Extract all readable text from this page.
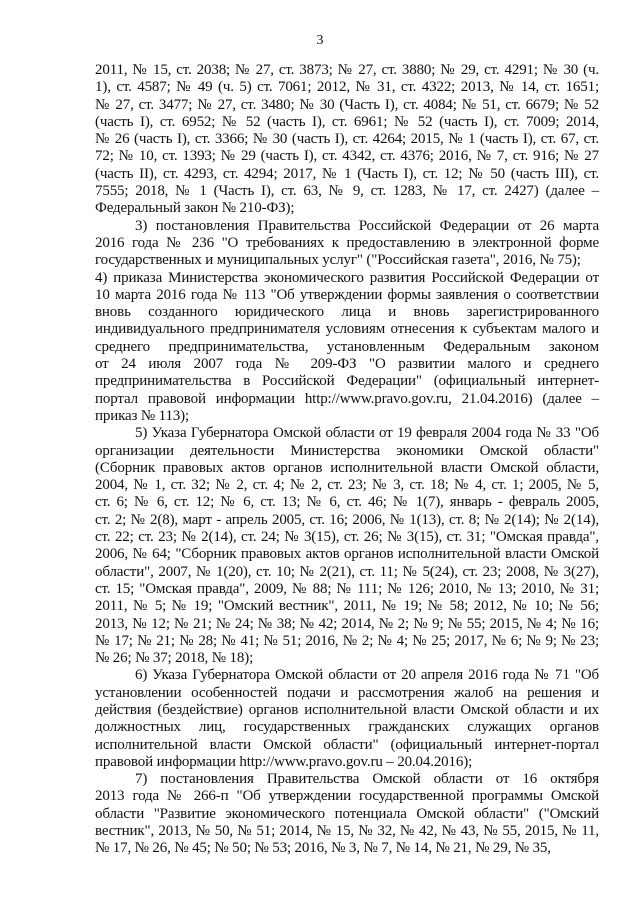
3
2011, № 15, ст. 2038; № 27, ст. 3873; № 27, ст. 3880; № 29, ст. 4291; № 30 (ч.
1), ст. 4587; № 49 (ч. 5) ст. 7061; 2012, № 31, ст. 4322; 2013, № 14, ст. 1651;
№ 27, ст. 3477; № 27, ст. 3480; № 30 (Часть I), ст. 4084; № 51, ст. 6679; № 52
(часть I), ст. 6952; № 52 (часть I), ст. 6961; № 52 (часть I), ст. 7009; 2014,
№ 26 (часть I), ст. 3366; № 30 (часть I), ст. 4264; 2015, № 1 (часть I), ст. 67, ст.
72; № 10, ст. 1393; № 29 (часть I), ст. 4342, ст. 4376; 2016, № 7, ст. 916; № 27
(часть II), ст. 4293, ст. 4294; 2017, № 1 (Часть I), ст. 12; № 50 (часть III), ст.
7555; 2018, № 1 (Часть I), ст. 63, № 9, ст. 1283, № 17, ст. 2427) (далее –
Федеральный закон № 210-ФЗ);
3) постановления Правительства Российской Федерации от 26 марта
2016 года № 236 "О требованиях к предоставлению в электронной форме
государственных и муниципальных услуг" ("Российская газета", 2016, № 75);
4) приказа Министерства экономического развития Российской Федерации от
10 марта 2016 года № 113 "Об утверждении формы заявления о соответствии
вновь созданного юридического лица и вновь зарегистрированного
индивидуального предпринимателя условиям отнесения к субъектам малого и
среднего предпринимательства, установленным Федеральным законом
от 24 июля 2007 года № 209-ФЗ "О развитии малого и среднего
предпринимательства в Российской Федерации" (официальный интернет-
портал правовой информации http://www.pravo.gov.ru, 21.04.2016) (далее –
приказ № 113);
5) Указа Губернатора Омской области от 19 февраля 2004 года № 33 "Об
организации деятельности Министерства экономики Омской области"
(Сборник правовых актов органов исполнительной власти Омской области,
2004, № 1, ст. 32; № 2, ст. 4; № 2, ст. 23; № 3, ст. 18; № 4, ст. 1; 2005, № 5,
ст. 6; № 6, ст. 12; № 6, ст. 13; № 6, ст. 46; № 1(7), январь - февраль 2005,
ст. 2; № 2(8), март - апрель 2005, ст. 16; 2006, № 1(13), ст. 8; № 2(14); № 2(14),
ст. 22; ст. 23; № 2(14), ст. 24; № 3(15), ст. 26; № 3(15), ст. 31; "Омская правда",
2006, № 64; "Сборник правовых актов органов исполнительной власти Омской
области", 2007, № 1(20), ст. 10; № 2(21), ст. 11; № 5(24), ст. 23; 2008, № 3(27),
ст. 15; "Омская правда", 2009, № 88; № 111; № 126; 2010, № 13; 2010, № 31;
2011, № 5; № 19; "Омский вестник", 2011, № 19; № 58; 2012, № 10; № 56;
2013, № 12; № 21; № 24; № 38; № 42; 2014, № 2; № 9; № 55; 2015, № 4; № 16;
№ 17; № 21; № 28; № 41; № 51; 2016, № 2; № 4; № 25; 2017, № 6; № 9; № 23;
№ 26; № 37; 2018, № 18);
6) Указа Губернатора Омской области от 20 апреля 2016 года № 71 "Об
установлении особенностей подачи и рассмотрения жалоб на решения и
действия (бездействие) органов исполнительной власти Омской области и их
должностных лиц, государственных гражданских служащих органов
исполнительной власти Омской области" (официальный интернет-портал
правовой информации http://www.pravo.gov.ru – 20.04.2016);
7) постановления Правительства Омской области от 16 октября
2013 года № 266-п "Об утверждении государственной программы Омской
области "Развитие экономического потенциала Омской области" ("Омский
вестник", 2013, № 50, № 51; 2014, № 15, № 32, № 42, № 43, № 55, 2015, № 11,
№ 17, № 26, № 45; № 50; № 53; 2016, № 3, № 7, № 14, № 21, № 29, № 35,
